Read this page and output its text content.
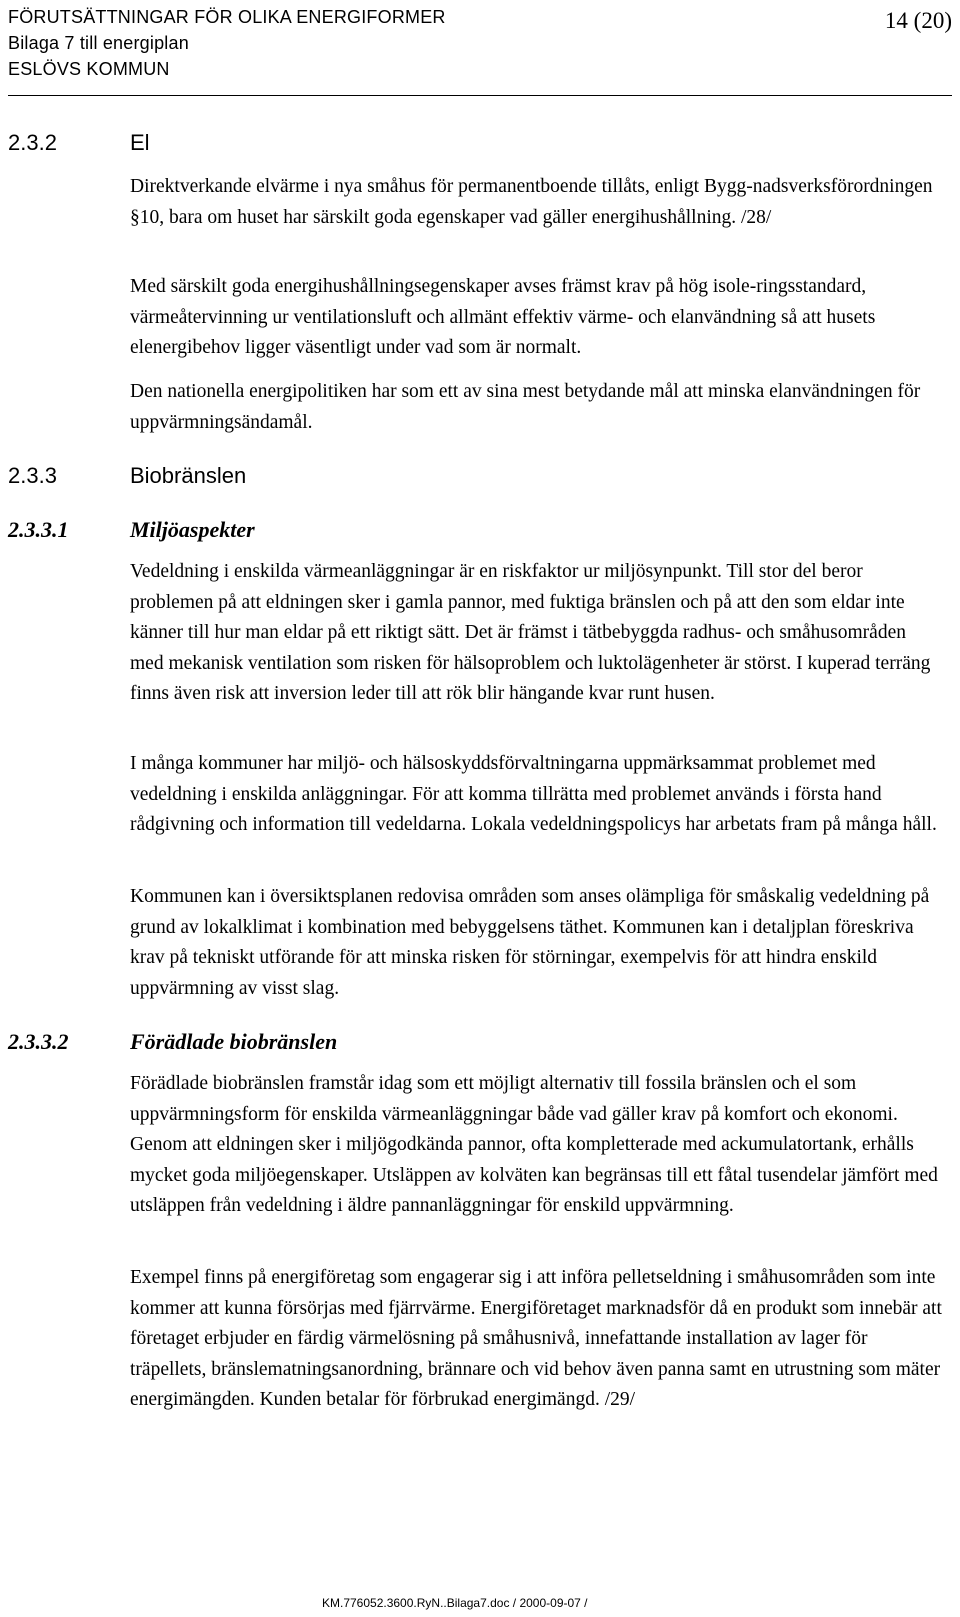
FÖRUTSÄTTNINGAR FÖR OLIKA ENERGIFORMER
Bilaga 7 till energiplan
ESLÖVS KOMMUN
14 (20)
2.3.2	El

Direktverkande elvärme i nya småhus för permanentboende tillåts, enligt Bygg-nadsverksförordningen §10, bara om huset har särskilt goda egenskaper vad gäller energihushållning. /28/

Med särskilt goda energihushållningsegenskaper avses främst krav på hög isole-ringsstandard, värmeåtervinning ur ventilationsluft och allmänt effektiv värme- och elanvändning så att husets elenergibehov ligger väsentligt under vad som är normalt.

Den nationella energipolitiken har som ett av sina mest betydande mål att minska elanvändningen för uppvärmningsändamål.

2.3.3	Biobränslen
2.3.3.1	Miljöaspekter

Vedeldning i enskilda värmeanläggningar är en riskfaktor ur miljösynpunkt. Till stor del beror problemen på att eldningen sker i gamla pannor, med fuktiga bränslen och på att den som eldar inte känner till hur man eldar på ett riktigt sätt. Det är främst i tätbebyggda radhus- och småhusområden med mekanisk ventilation som risken för hälsoproblem och luktolägenheter är störst. I kuperad terräng finns även risk att inversion leder till att rök blir hängande kvar runt husen.

I många kommuner har miljö- och hälsoskyddsförvaltningarna uppmärksammat problemet med vedeldning i enskilda anläggningar. För att komma tillrätta med problemet används i första hand rådgivning och information till vedeldarna. Lokala vedeldningspolicys har arbetats fram på många håll.

Kommunen kan i översiktsplanen redovisa områden som anses olämpliga för småskalig vedeldning på grund av lokalklimat i kombination med bebyggelsens täthet. Kommunen kan i detaljplan föreskriva krav på tekniskt utförande för att minska risken för störningar, exempelvis för att hindra enskild uppvärmning av visst slag.

2.3.3.2	Förädlade biobränslen

Förädlade biobränslen framstår idag som ett möjligt alternativ till fossila bränslen och el som uppvärmningsform för enskilda värmeanläggningar både vad gäller krav på komfort och ekonomi. Genom att eldningen sker i miljögodkända pannor, ofta kompletterade med ackumulatortank, erhålls mycket goda miljöegenskaper. Utsläppen av kolväten kan begränsas till ett fåtal tusendelar jämfört med utsläppen från vedeldning i äldre pannanläggningar för enskild uppvärmning.

Exempel finns på energiföretag som engagerar sig i att införa pelletseldning i småhusområden som inte kommer att kunna försörjas med fjärrvärme. Energiföretaget marknadsför då en produkt som innebär att företaget erbjuder en färdig värmelösning på småhusnivå, innefattande installation av lager för träpellets, bränslematningsanordning, brännare och vid behov även panna samt en utrustning som mäter energimängden. Kunden betalar för förbrukad energimängd. /29/

KM.776052.3600.RyN..Bilaga7.doc / 2000-09-07 /
